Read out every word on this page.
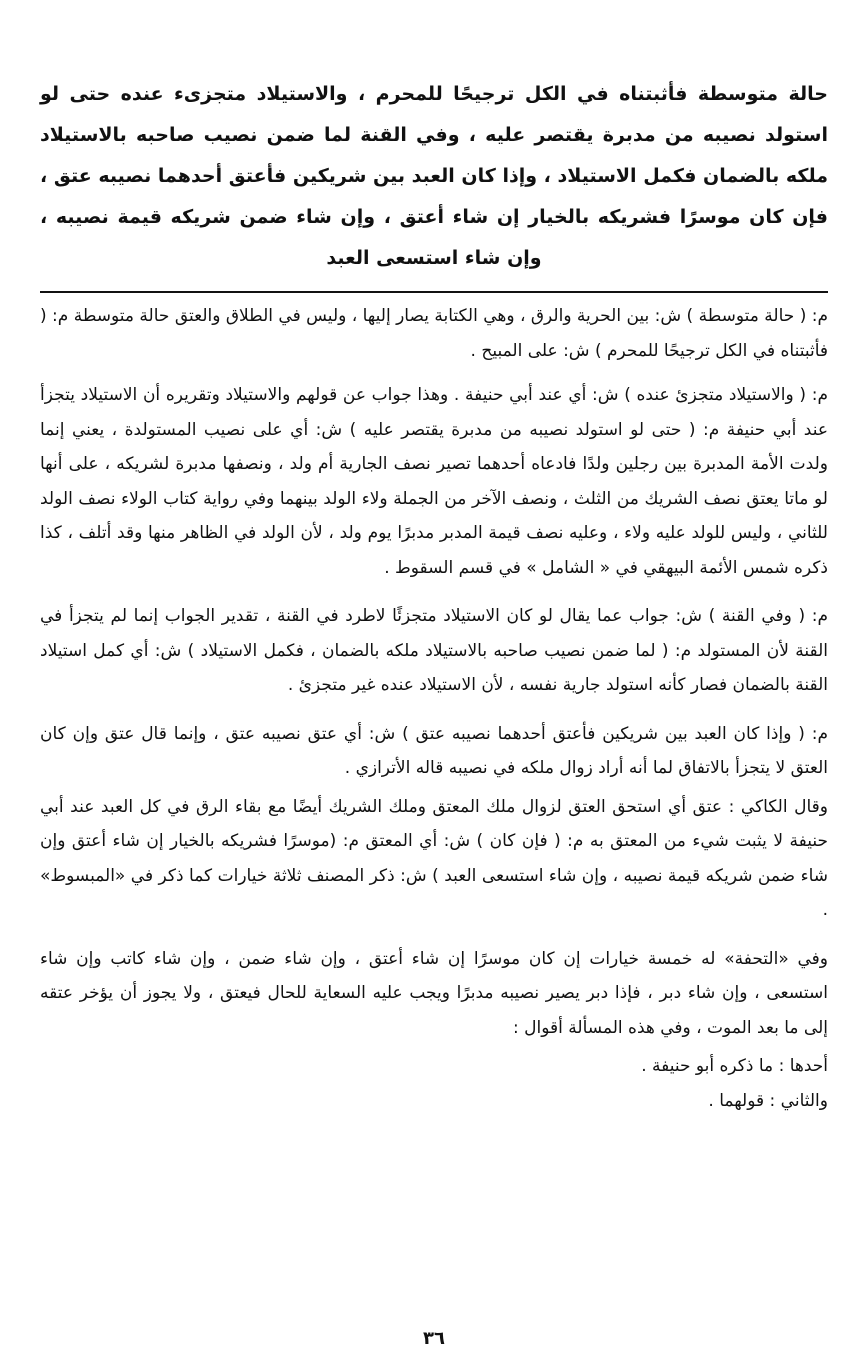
حالة متوسطة فأثبتناه في الكل ترجيحًا للمحرم ، والاستيلاد متجزىء عنده حتى لو استولد نصيبه من مدبرة يقتصر عليه ، وفي القنة لما ضمن نصيب صاحبه بالاستيلاد ملكه بالضمان فكمل الاستيلاد ، وإذا كان العبد بين شريكين فأعتق أحدهما نصيبه عتق ، فإن كان موسرًا فشريكه بالخيار إن شاء أعتق ، وإن شاء ضمن شريكه قيمة نصيبه ، وإن شاء استسعى العبد

م: ( حالة متوسطة ) ش: بين الحرية والرق ، وهي الكتابة يصار إليها ، وليس في الطلاق والعتق حالة متوسطة م: ( فأثبتناه في الكل ترجيحًا للمحرم ) ش: على المبيح .

م: ( والاستيلاد متجزئ عنده ) ش: أي عند أبي حنيفة . وهذا جواب عن قولهم والاستيلاد وتقريره أن الاستيلاد يتجزأ عند أبي حنيفة م: ( حتى لو استولد نصيبه من مدبرة يقتصر عليه ) ش: أي على نصيب المستولدة ، يعني إنما ولدت الأمة المدبرة بين رجلين ولدًا فادعاه أحدهما تصير نصف الجارية أم ولد ، ونصفها مدبرة لشريكه ، على أنها لو ماتا يعتق نصف الشريك من الثلث ، ونصف الآخر من الجملة ولاء الولد بينهما وفي رواية كتاب الولاء نصف الولد للثاني ، وليس للولد عليه ولاء ، وعليه نصف قيمة المدبر مدبرًا يوم ولد ، لأن الولد في الظاهر منها وقد أتلف ، كذا ذكره شمس الأئمة البيهقي في « الشامل » في قسم السقوط .

م: ( وفي القنة ) ش: جواب عما يقال لو كان الاستيلاد متجزئًا لاطرد في القنة ، تقدير الجواب إنما لم يتجزأ في القنة لأن المستولد م: ( لما ضمن نصيب صاحبه بالاستيلاد ملكه بالضمان ، فكمل الاستيلاد ) ش: أي كمل استيلاد القنة بالضمان فصار كأنه استولد جارية نفسه ، لأن الاستيلاد عنده غير متجزئ .

م: ( وإذا كان العبد بين شريكين فأعتق أحدهما نصيبه عتق ) ش: أي عتق نصيبه عتق ، وإنما قال عتق وإن كان العتق لا يتجزأ بالاتفاق لما أنه أراد زوال ملكه في نصيبه قاله الأترازي .

وقال الكاكي : عتق أي استحق العتق لزوال ملك المعتق وملك الشريك أيضًا مع بقاء الرق في كل العبد عند أبي حنيفة لا يثبت شيء من المعتق به م: ( فإن كان ) ش: أي المعتق م: (موسرًا فشريكه بالخيار إن شاء أعتق وإن شاء ضمن شريكه قيمة نصيبه ، وإن شاء استسعى العبد ) ش: ذكر المصنف ثلاثة خيارات كما ذكر في «المبسوط» .

وفي «التحفة» له خمسة خيارات إن كان موسرًا إن شاء أعتق ، وإن شاء ضمن ، وإن شاء كاتب وإن شاء استسعى ، وإن شاء دبر ، فإذا دبر يصير نصيبه مدبرًا ويجب عليه السعاية للحال فيعتق ، ولا يجوز أن يؤخر عتقه إلى ما بعد الموت ، وفي هذه المسألة أقوال :

أحدها : ما ذكره أبو حنيفة .

والثاني : قولهما .

٣٦
